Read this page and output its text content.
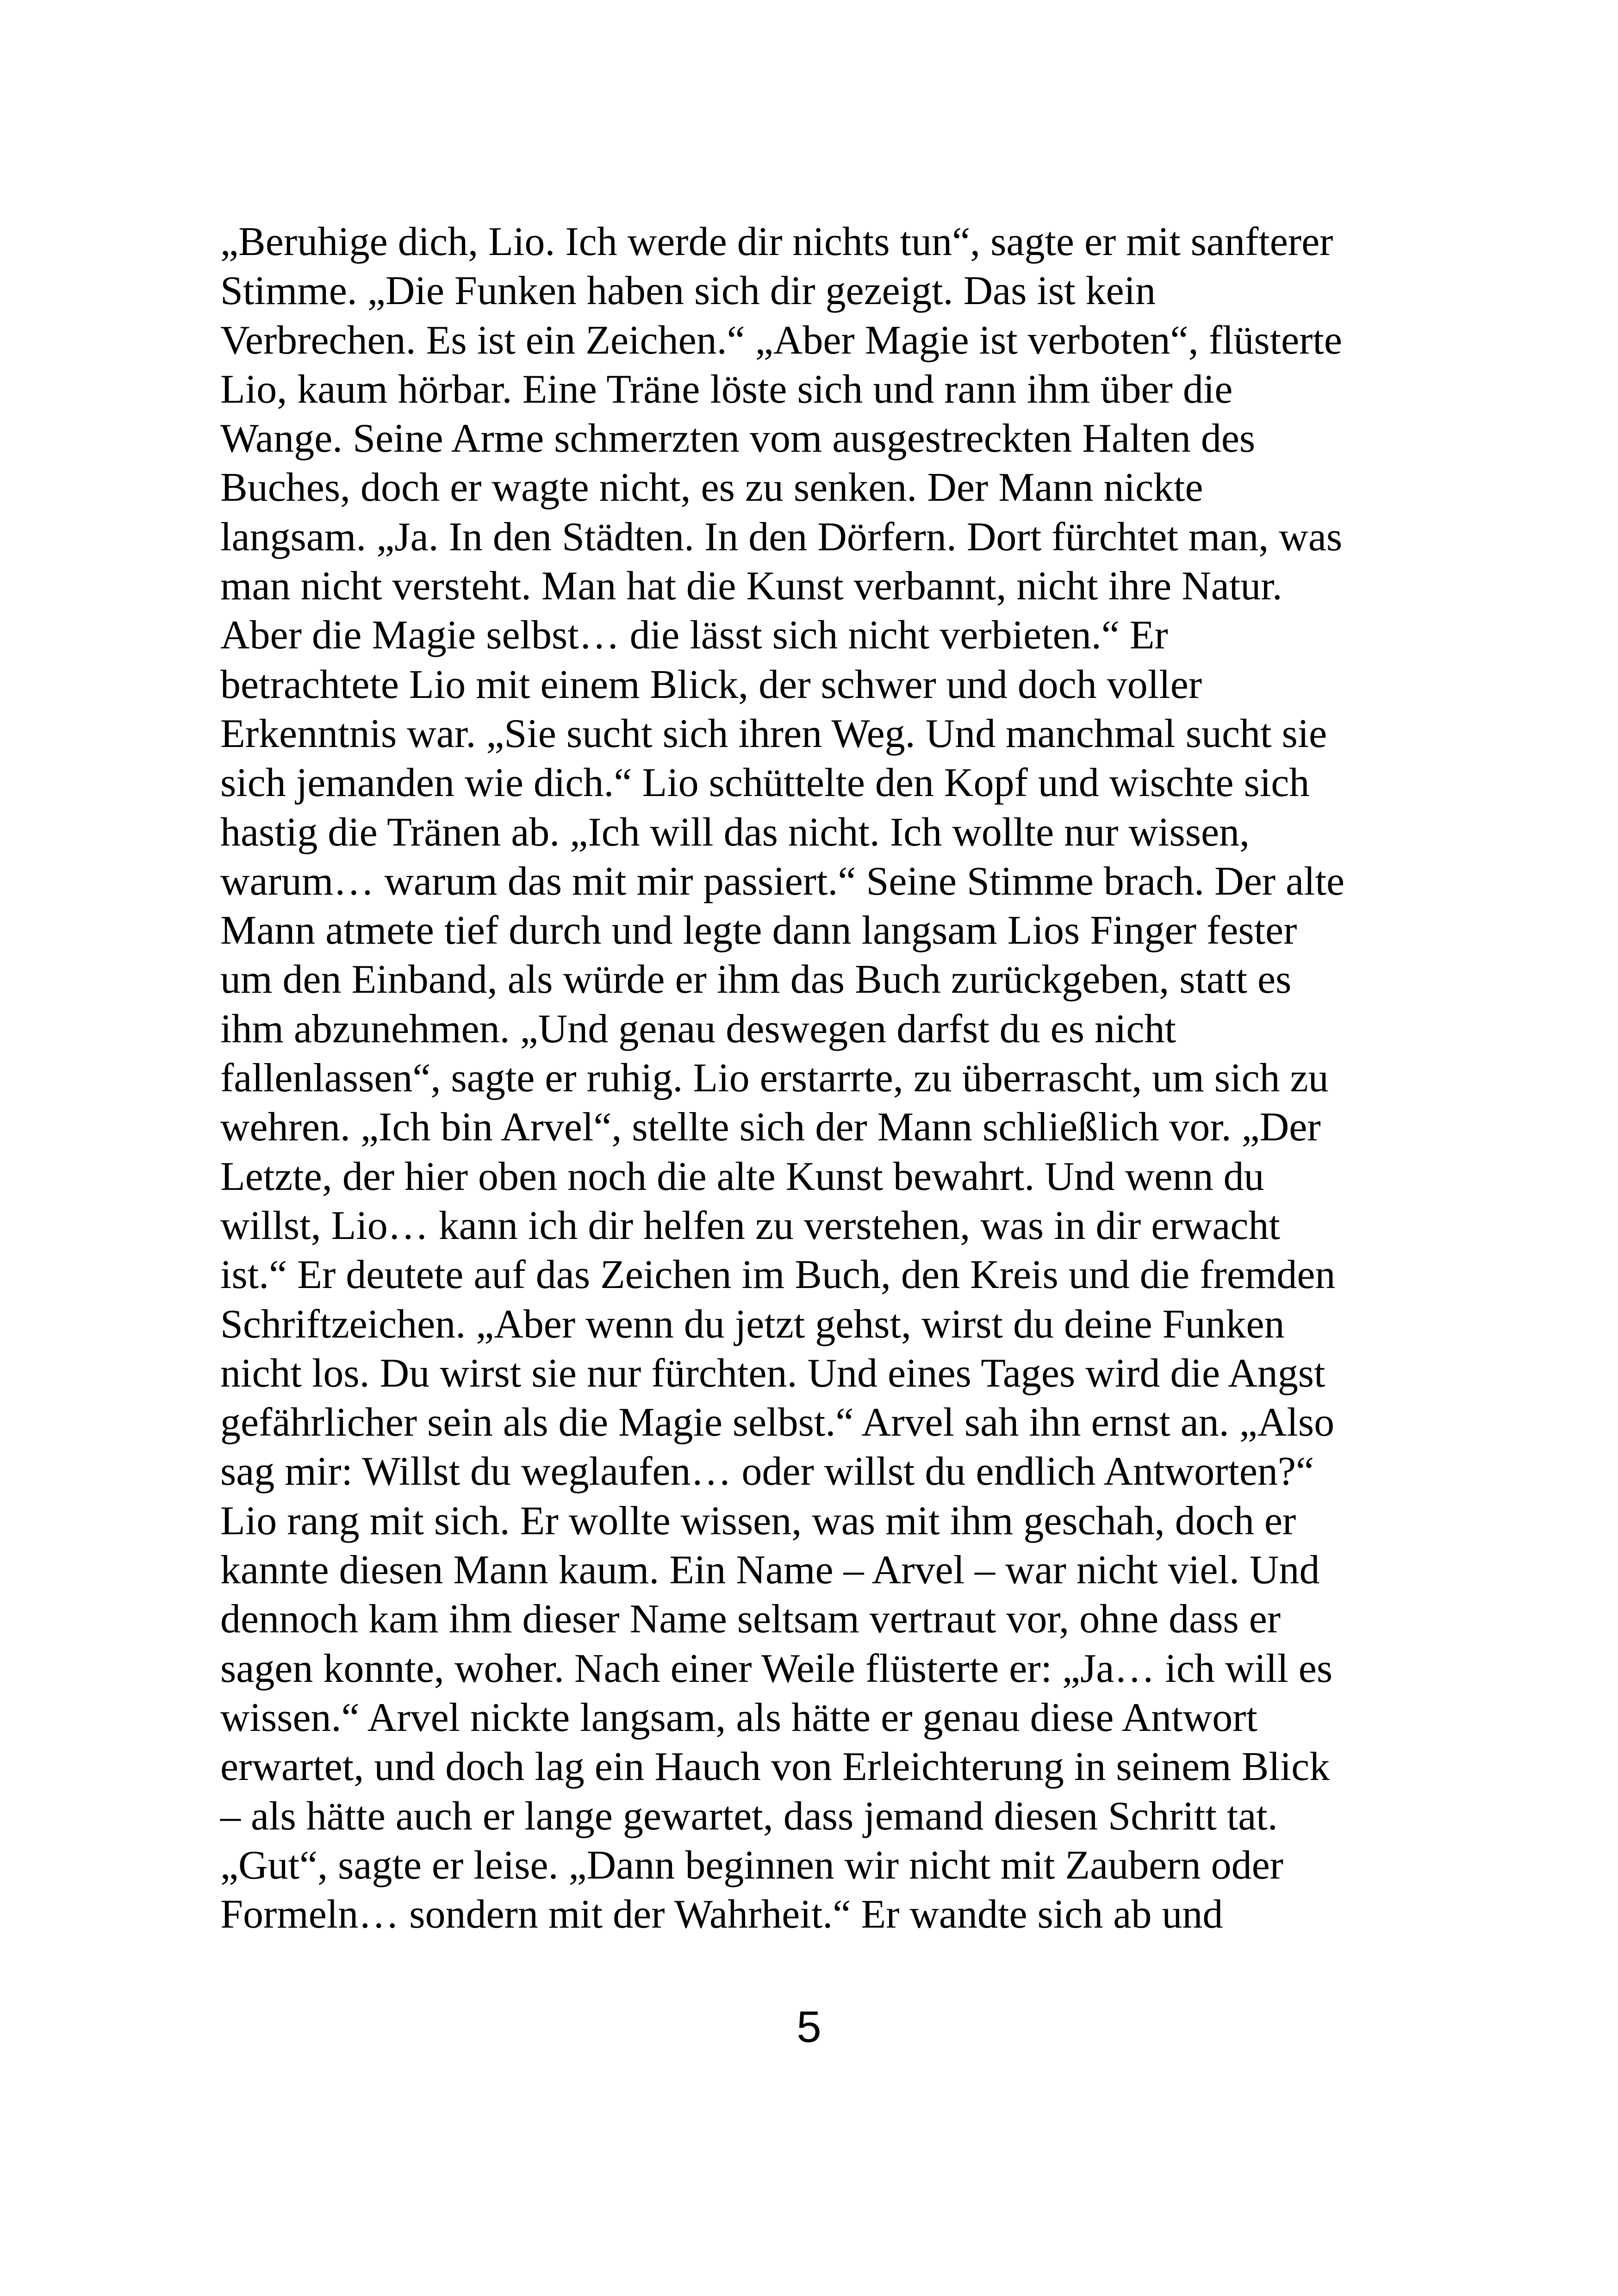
„Beruhige dich, Lio. Ich werde dir nichts tun“, sagte er mit sanfterer
Stimme. „Die Funken haben sich dir gezeigt. Das ist kein
Verbrechen. Es ist ein Zeichen.“ „Aber Magie ist verboten“, flüsterte
Lio, kaum hörbar. Eine Träne löste sich und rann ihm über die
Wange. Seine Arme schmerzten vom ausgestreckten Halten des
Buches, doch er wagte nicht, es zu senken. Der Mann nickte
langsam. „Ja. In den Städten. In den Dörfern. Dort fürchtet man, was
man nicht versteht. Man hat die Kunst verbannt, nicht ihre Natur.
Aber die Magie selbst… die lässt sich nicht verbieten.“ Er
betrachtete Lio mit einem Blick, der schwer und doch voller
Erkenntnis war. „Sie sucht sich ihren Weg. Und manchmal sucht sie
sich jemanden wie dich.“ Lio schüttelte den Kopf und wischte sich
hastig die Tränen ab. „Ich will das nicht. Ich wollte nur wissen,
warum… warum das mit mir passiert.“ Seine Stimme brach. Der alte
Mann atmete tief durch und legte dann langsam Lios Finger fester
um den Einband, als würde er ihm das Buch zurückgeben, statt es
ihm abzunehmen. „Und genau deswegen darfst du es nicht
fallenlassen“, sagte er ruhig. Lio erstarrte, zu überrascht, um sich zu
wehren. „Ich bin Arvel“, stellte sich der Mann schließlich vor. „Der
Letzte, der hier oben noch die alte Kunst bewahrt. Und wenn du
willst, Lio… kann ich dir helfen zu verstehen, was in dir erwacht
ist.“ Er deutete auf das Zeichen im Buch, den Kreis und die fremden
Schriftzeichen. „Aber wenn du jetzt gehst, wirst du deine Funken
nicht los. Du wirst sie nur fürchten. Und eines Tages wird die Angst
gefährlicher sein als die Magie selbst.“ Arvel sah ihn ernst an. „Also
sag mir: Willst du weglaufen… oder willst du endlich Antworten?“
Lio rang mit sich. Er wollte wissen, was mit ihm geschah, doch er
kannte diesen Mann kaum. Ein Name – Arvel – war nicht viel. Und
dennoch kam ihm dieser Name seltsam vertraut vor, ohne dass er
sagen konnte, woher. Nach einer Weile flüsterte er: „Ja… ich will es
wissen.“ Arvel nickte langsam, als hätte er genau diese Antwort
erwartet, und doch lag ein Hauch von Erleichterung in seinem Blick
– als hätte auch er lange gewartet, dass jemand diesen Schritt tat.
„Gut“, sagte er leise. „Dann beginnen wir nicht mit Zaubern oder
Formeln… sondern mit der Wahrheit.“ Er wandte sich ab und
5
